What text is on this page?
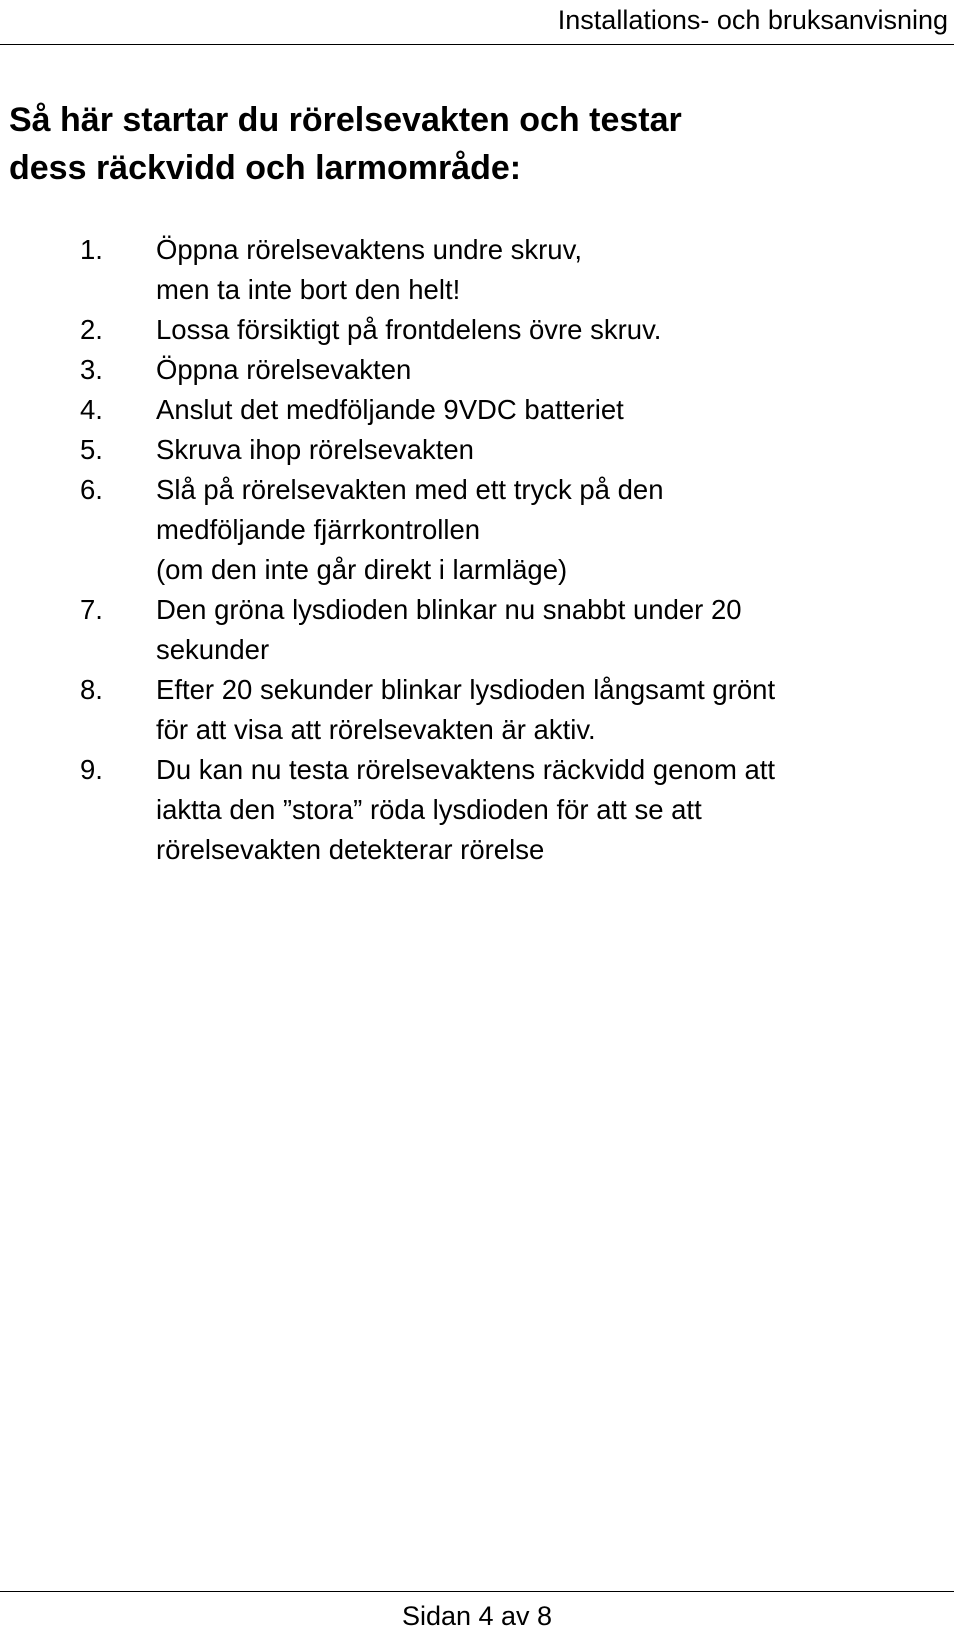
Installations- och bruksanvisning
Så här startar du rörelsevakten och testar
dess räckvidd och larmområde:
1.	Öppna rörelsevaktens undre skruv,
men ta inte bort den helt!
2.	Lossa försiktigt på frontdelens övre skruv.
3.	Öppna rörelsevakten
4.	Anslut det medföljande 9VDC batteriet
5.	Skruva ihop rörelsevakten
6.	Slå på rörelsevakten med ett tryck på den
medföljande fjärrkontrollen
(om den inte går direkt i larmläge)
7.	Den gröna lysdioden blinkar nu snabbt under 20
sekunder
8.	Efter 20 sekunder blinkar lysdioden långsamt grönt
för att visa att rörelsevakten är aktiv.
9.	Du kan nu testa rörelsevaktens räckvidd genom att
iaktta den ”stora” röda lysdioden för att se att
rörelsevakten detekterar rörelse
Sidan 4 av 8
